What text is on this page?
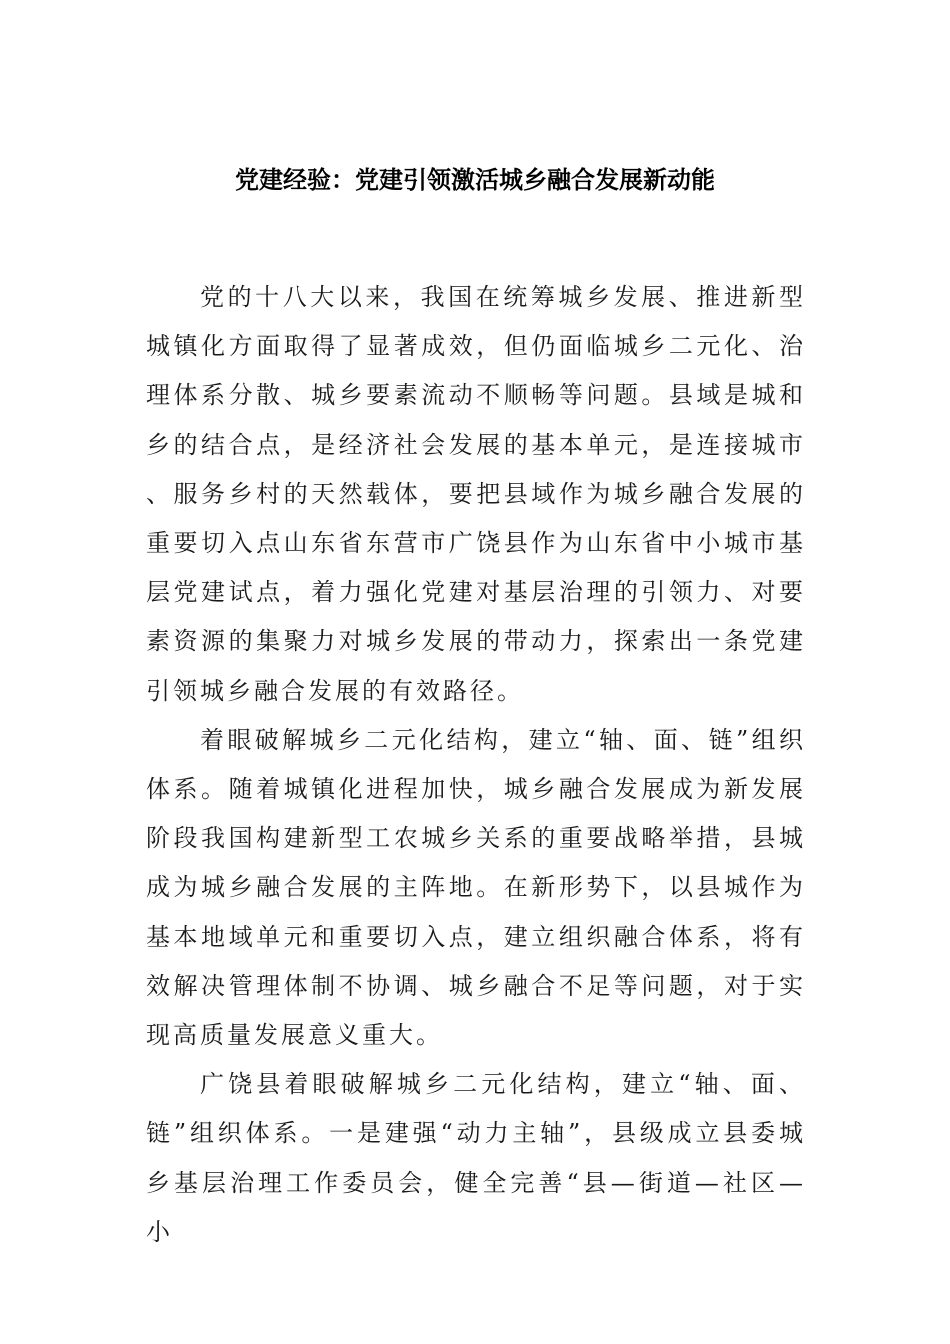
党建经验：党建引领激活城乡融合发展新动能

党的十八大以来，我国在统筹城乡发展、推进新型城镇化方面取得了显著成效，但仍面临城乡二元化、治理体系分散、城乡要素流动不顺畅等问题。县域是城和乡的结合点，是经济社会发展的基本单元，是连接城市、服务乡村的天然载体，要把县域作为城乡融合发展的重要切入点山东省东营市广饶县作为山东省中小城市基层党建试点，着力强化党建对基层治理的引领力、对要素资源的集聚力对城乡发展的带动力，探索出一条党建引领城乡融合发展的有效路径。

着眼破解城乡二元化结构，建立“轴、面、链”组织体系。随着城镇化进程加快，城乡融合发展成为新发展阶段我国构建新型工农城乡关系的重要战略举措，县城成为城乡融合发展的主阵地。在新形势下，以县城作为基本地域单元和重要切入点，建立组织融合体系，将有效解决管理体制不协调、城乡融合不足等问题，对于实现高质量发展意义重大。

广饶县着眼破解城乡二元化结构，建立“轴、面、链”组织体系。一是建强“动力主轴”，县级成立县委城乡基层治理工作委员会，健全完善“县—街道—社区—小
